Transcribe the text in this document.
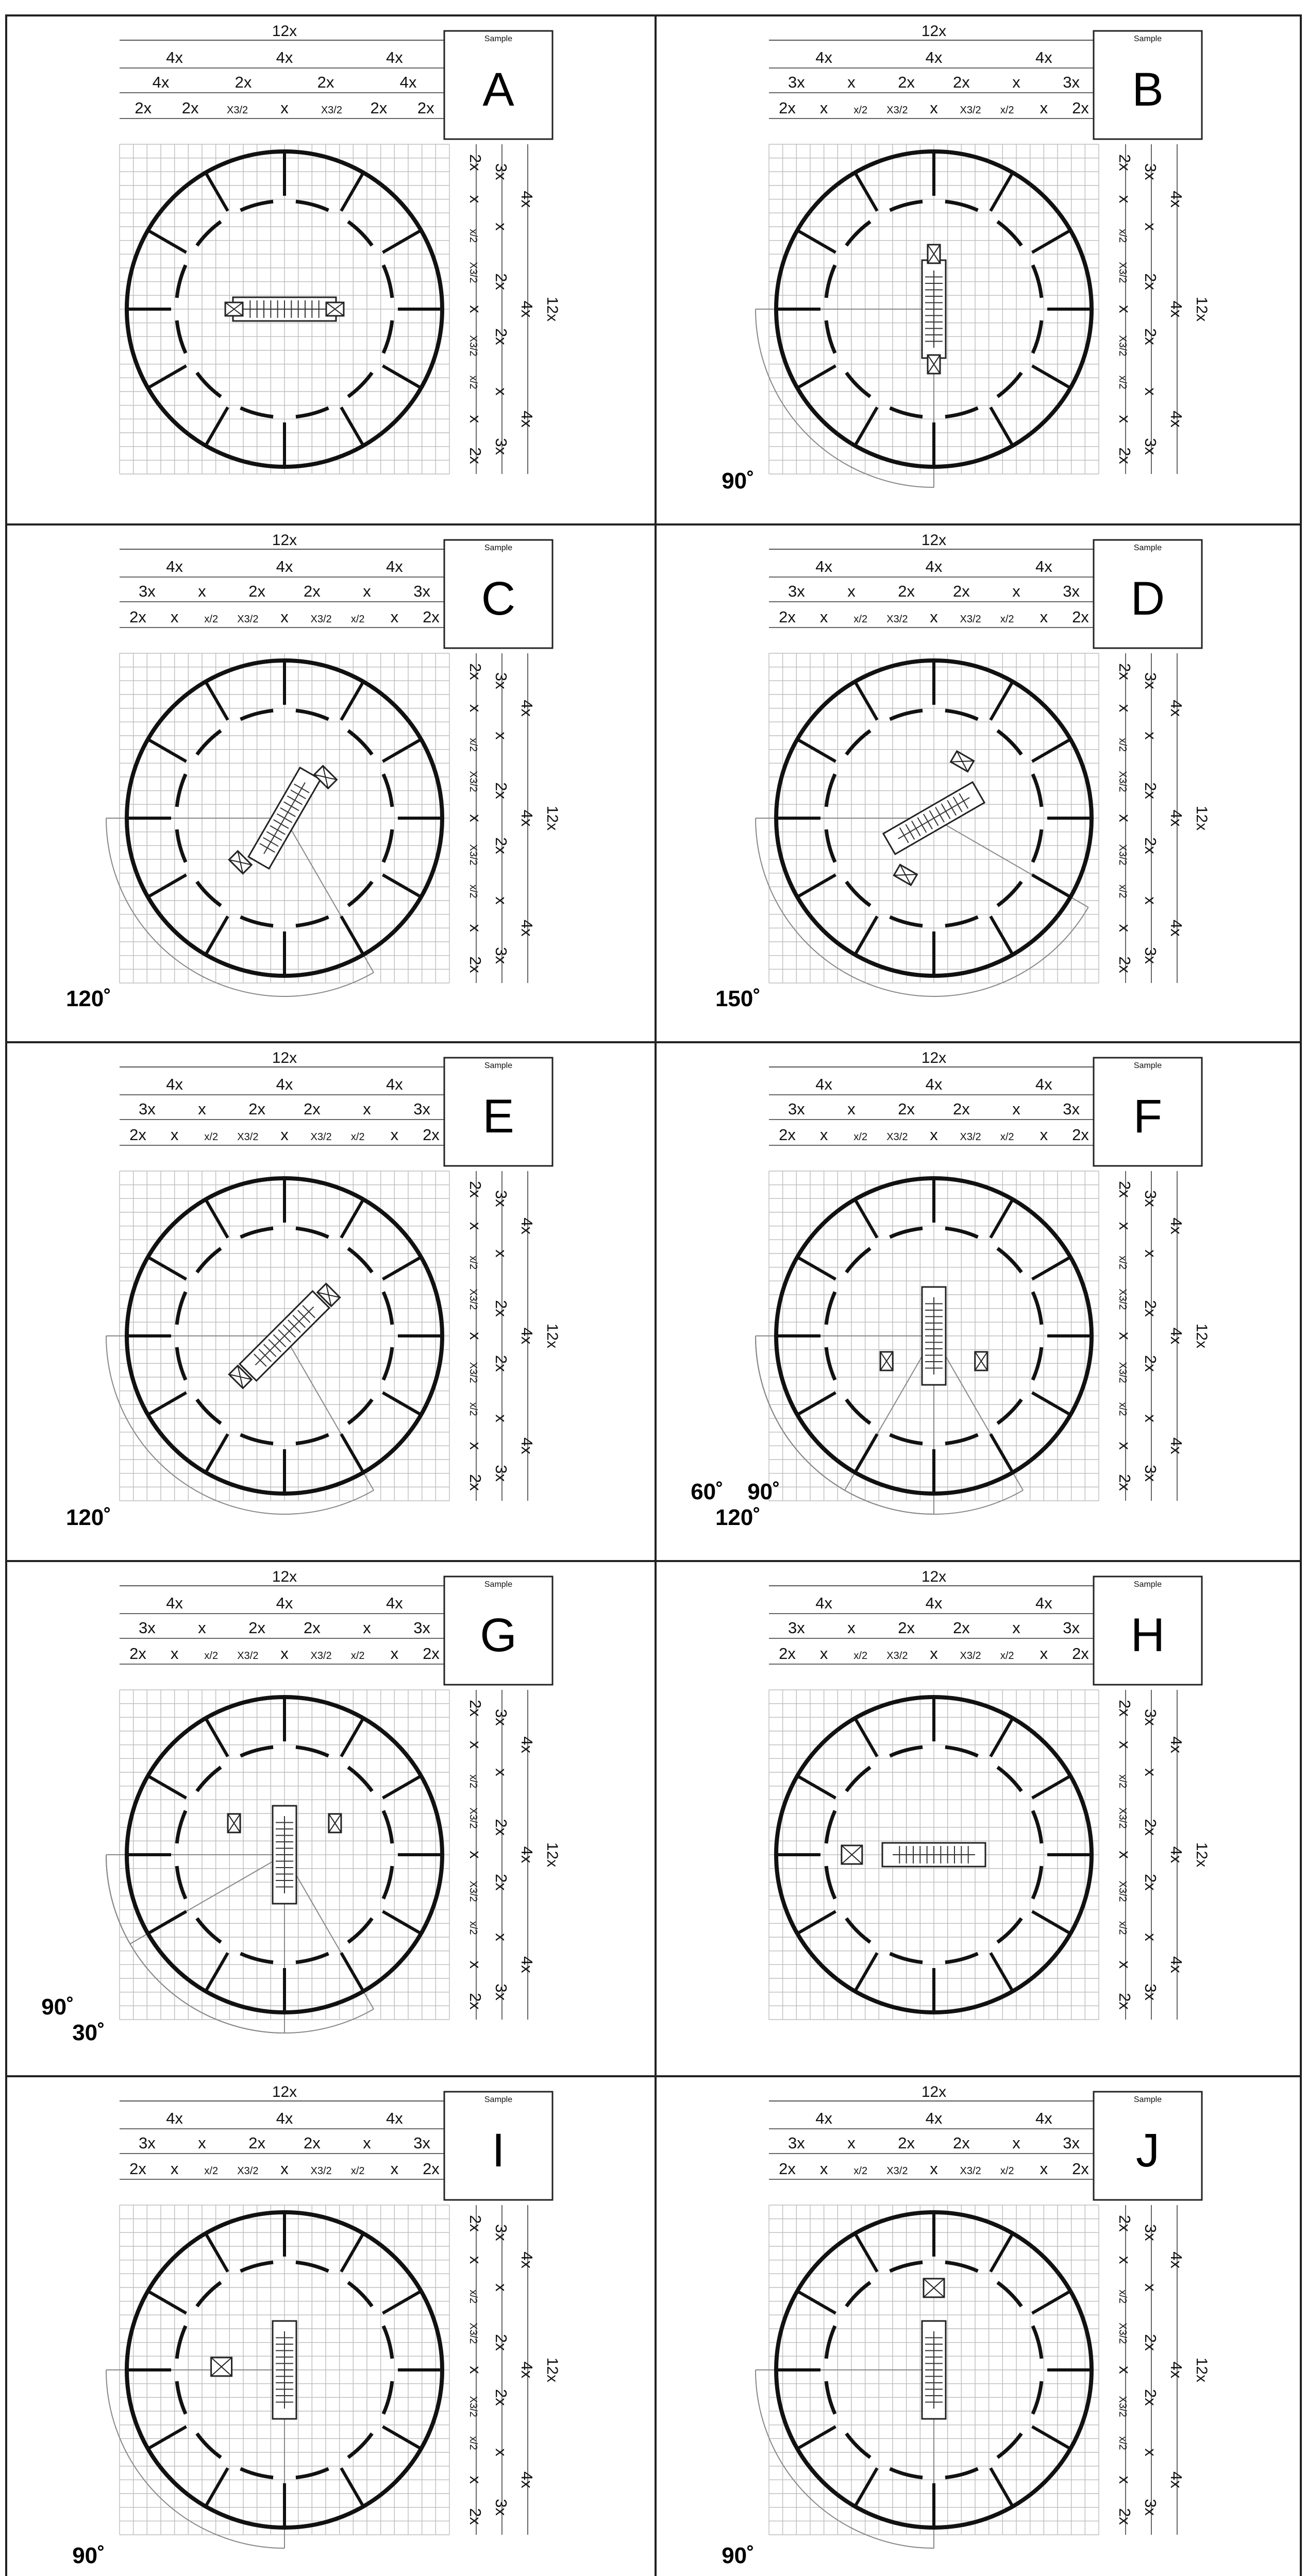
12x
4x	4x	4x
4x	2x	2x	4x
2x 2x	X3/2 x	X3/2 2x 2x
2x
x
x/2
X3/2
x
X3/2
x/2
x
2x
3x
x
2x
2x
x
3x
4x
4x
4x
12x
Sample
A
12x
4x	4x	4x
3x	x	2x 2x	x	3x
2x x	x/2 X3/2 x X3/2 x/2 x 2x
2x
x
x/2
X3/2
x
X3/2
x/2
x
2x
3x
x
2x
2x
x
3x
4x
4x
4x
12x
Sample
B
90˚
12x
4x	4x	4x
3x	x	2x 2x	x	3x
2x x	x/2 X3/2 x X3/2 x/2 x 2x
2x
x
x/2
X3/2
x
X3/2
x/2
x
2x
3x
x
2x
2x
x
3x
4x
4x
4x
12x
Sample
C
120˚
12x
4x	4x	4x
3x	x	2x 2x	x	3x
2x x	x/2 X3/2 x X3/2 x/2 x 2x
2x
x
x/2
X3/2
x
X3/2
x/2
x
2x
3x
x
2x
2x
x
3x
4x
4x
4x
12x
Sample
D
150˚
12x
4x	4x	4x
3x	x	2x 2x	x	3x
2x x	x/2 X3/2 x X3/2 x/2 x 2x
2x
x
x/2
X3/2
x
X3/2
x/2
x
2x
3x
x
2x
2x
x
3x
4x
4x
4x
12x
Sample
E
120˚
12x
4x	4x	4x
3x	x	2x 2x	x	3x
2x x	x/2 X3/2 x X3/2 x/2 x 2x
2x
x
x/2
X3/2
x
X3/2
x/2
x
2x
3x
x
2x
2x
x
3x
4x
4x
4x
12x
Sample
F
120˚
60˚ 90˚
12x
4x	4x	4x
3x	x	2x 2x	x	3x
2x x	x/2 X3/2 x X3/2 x/2 x 2x
2x
x
x/2
X3/2
x
X3/2
x/2
x
2x
3x
x
2x
2x
x
3x
4x
4x
4x
12x
Sample
G
30˚
90˚
12x
4x	4x	4x
3x	x	2x 2x	x	3x
2x x	x/2 X3/2 x X3/2 x/2 x 2x
2x
x
x/2
X3/2
x
X3/2
x/2
x
2x
3x
x
2x
2x
x
3x
4x
4x
4x
12x
Sample
H
12x
4x	4x	4x
3x	x	2x 2x	x	3x
2x x	x/2 X3/2 x X3/2 x/2 x 2x
2x
x
x/2
X3/2
x
X3/2
x/2
x
2x
3x
x
2x
2x
x
3x
4x
4x
4x
12x
Sample
I
90˚
12x
4x	4x	4x
3x	x	2x 2x	x	3x
2x x	x/2 X3/2 x X3/2 x/2 x 2x
2x
x
x/2
X3/2
x
X3/2
x/2
x
2x
3x
x
2x
2x
x
3x
4x
4x
4x
12x
Sample
J
90˚
